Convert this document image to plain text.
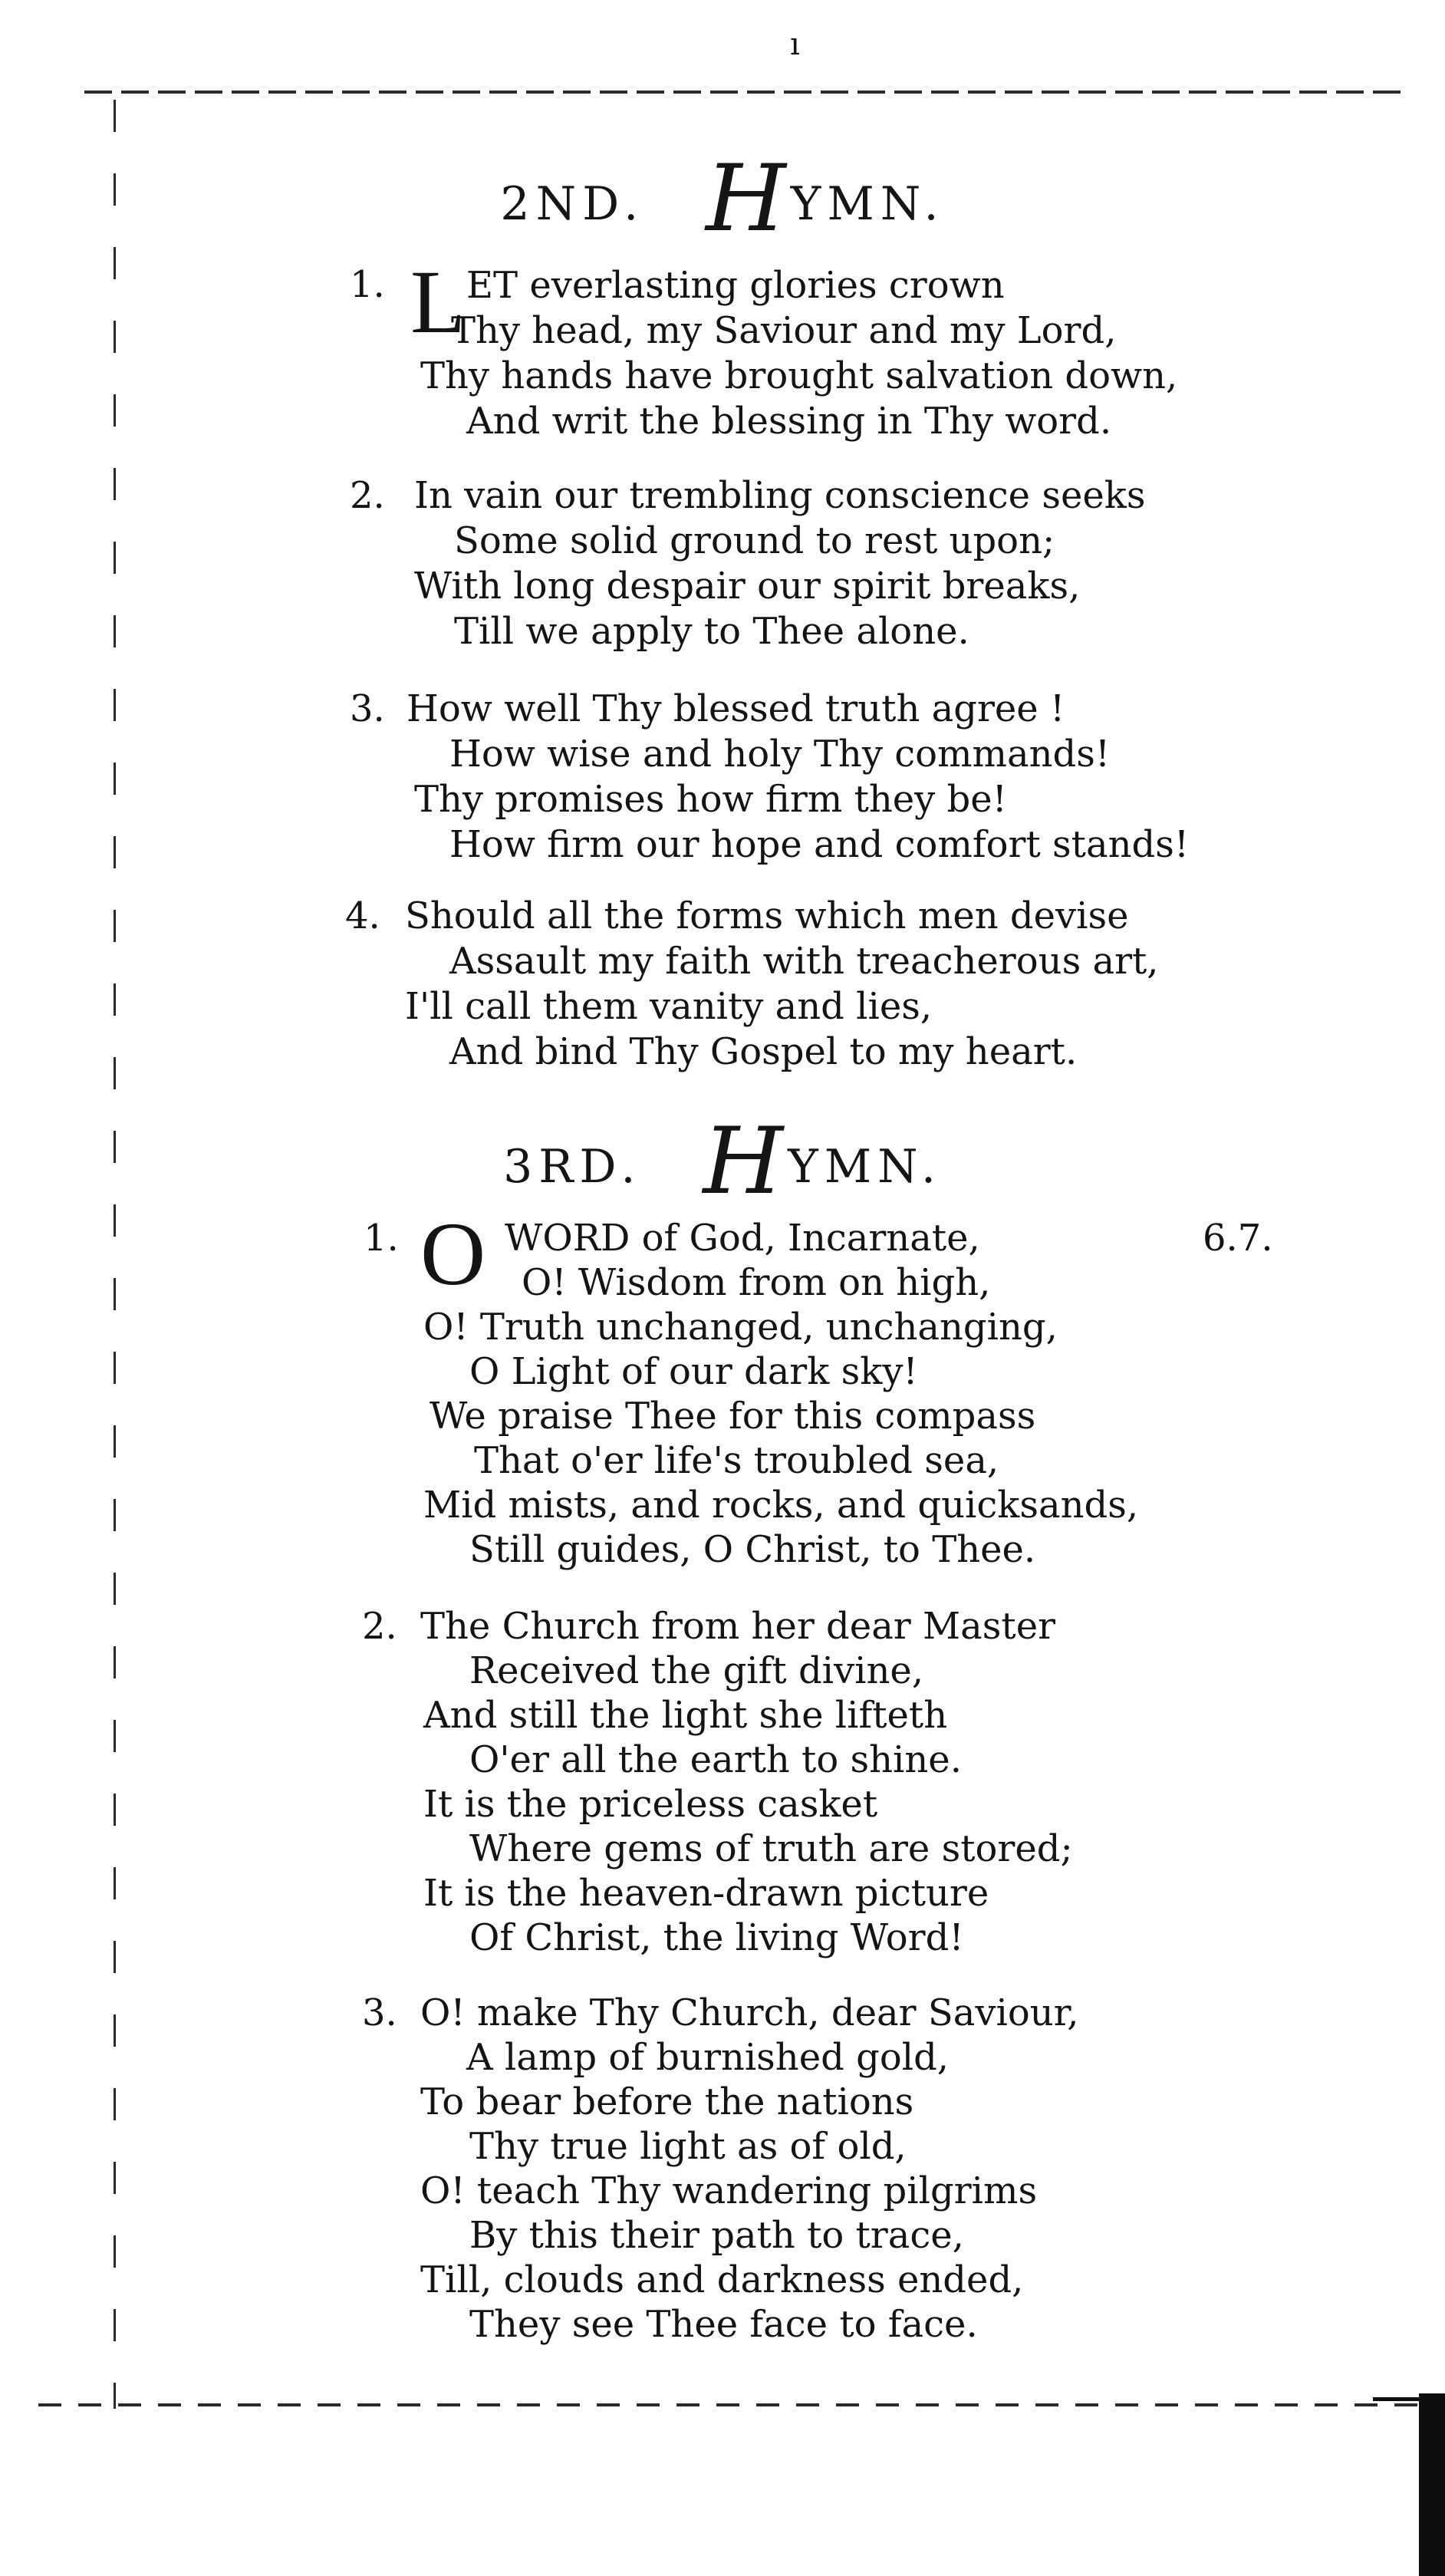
ı
2ND. H YMN.
1. L ET everlasting glories crown
Thy head, my Saviour and my Lord,
Thy hands have brought salvation down,
And writ the blessing in Thy word.
2. In vain our trembling conscience seeks
Some solid ground to rest upon;
With long despair our spirit breaks,
Till we apply to Thee alone.
3. How well Thy blessed truth agree !
How wise and holy Thy commands!
Thy promises how firm they be!
How firm our hope and comfort stands!
4. Should all the forms which men devise
Assault my faith with treacherous art,
I'll call them vanity and lies,
And bind Thy Gospel to my heart.
3RD. H YMN.
6.7.
1. O WORD of God, Incarnate,
O! Wisdom from on high,
O! Truth unchanged, unchanging,
O Light of our dark sky!
We praise Thee for this compass
That o'er life's troubled sea,
Mid mists, and rocks, and quicksands,
Still guides, O Christ, to Thee.
2. The Church from her dear Master
Received the gift divine,
And still the light she lifteth
O'er all the earth to shine.
It is the priceless casket
Where gems of truth are stored;
It is the heaven-drawn picture
Of Christ, the living Word!
3. O! make Thy Church, dear Saviour,
A lamp of burnished gold,
To bear before the nations
Thy true light as of old,
O! teach Thy wandering pilgrims
By this their path to trace,
Till, clouds and darkness ended,
They see Thee face to face.
